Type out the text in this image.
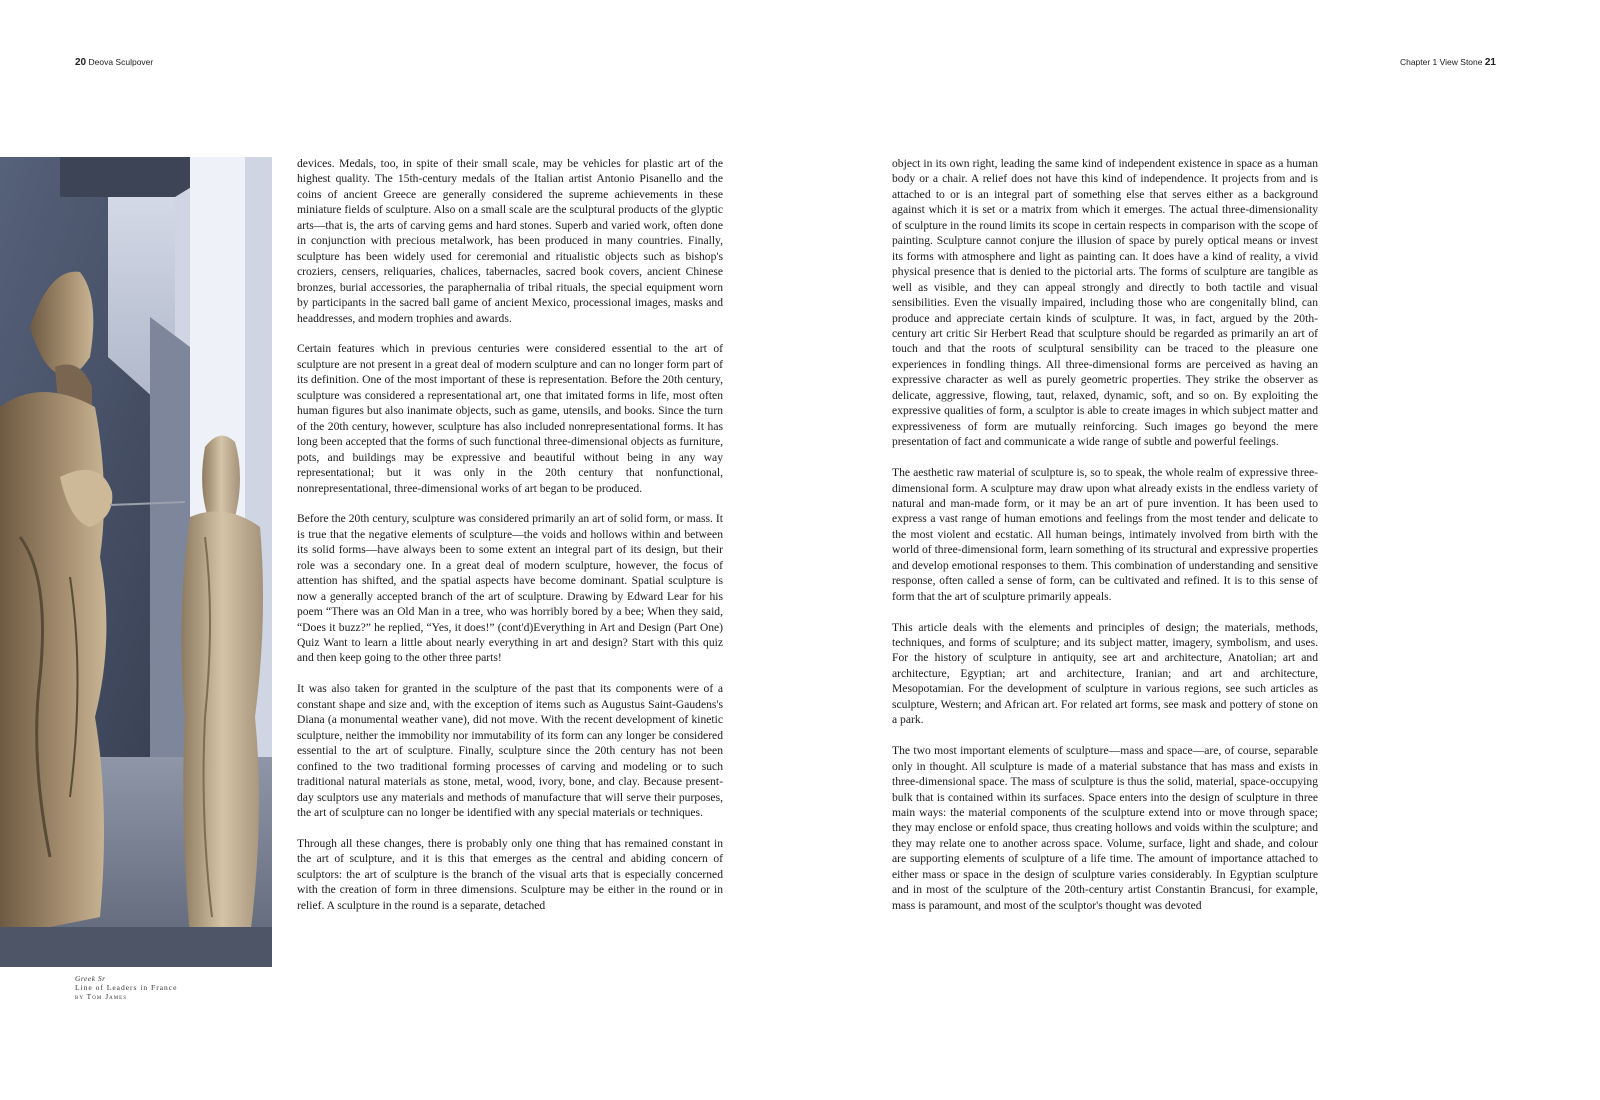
20 Deova Sculpover	Chapter 1 View Stone 21
Greek Sr
Line of Leaders in France
by Tom James

devices. Medals, too, in spite of their small scale, may be vehicles for plastic art of the highest quality. The 15th-century medals of the Italian artist Antonio Pisanello and the coins of ancient Greece are generally considered the supreme achievements in these miniature fields of sculpture. Also on a small scale are the sculptural products of the glyptic arts—that is, the arts of carving gems and hard stones. Superb and varied work, often done in conjunction with precious metalwork, has been produced in many countries. Finally, sculpture has been widely used for ceremonial and ritualistic objects such as bishop's croziers, censers, reliquaries, chalices, tabernacles, sacred book covers, ancient Chinese bronzes, burial accessories, the paraphernalia of tribal rituals, the special equipment worn by participants in the sacred ball game of ancient Mexico, processional images, masks and headdresses, and modern trophies and awards.

Certain features which in previous centuries were considered essential to the art of sculpture are not present in a great deal of modern sculpture and can no longer form part of its definition. One of the most important of these is representation. Before the 20th century, sculpture was considered a representational art, one that imitated forms in life, most often human figures but also inanimate objects, such as game, utensils, and books. Since the turn of the 20th century, however, sculpture has also included nonrepresentational forms. It has long been accepted that the forms of such functional three-dimensional objects as furniture, pots, and buildings may be expressive and beautiful without being in any way representational; but it was only in the 20th century that nonfunctional, nonrepresentational, three-dimensional works of art began to be produced.

Before the 20th century, sculpture was considered primarily an art of solid form, or mass. It is true that the negative elements of sculpture—the voids and hollows within and between its solid forms—have always been to some extent an integral part of its design, but their role was a secondary one. In a great deal of modern sculpture, however, the focus of attention has shifted, and the spatial aspects have become dominant. Spatial sculpture is now a generally accepted branch of the art of sculpture. Drawing by Edward Lear for his poem “There was an Old Man in a tree, who was horribly bored by a bee; When they said, “Does it buzz?” he replied, “Yes, it does!” (cont'd)Everything in Art and Design (Part One) Quiz Want to learn a little about nearly everything in art and design? Start with this quiz and then keep going to the other three parts!

It was also taken for granted in the sculpture of the past that its components were of a constant shape and size and, with the exception of items such as Augustus Saint-Gaudens's Diana (a monumental weather vane), did not move. With the recent development of kinetic sculpture, neither the immobility nor immutability of its form can any longer be considered essential to the art of sculpture. Finally, sculpture since the 20th century has not been confined to the two traditional forming processes of carving and modeling or to such traditional natural materials as stone, metal, wood, ivory, bone, and clay. Because present-day sculptors use any materials and methods of manufacture that will serve their purposes, the art of sculpture can no longer be identified with any special materials or techniques.

Through all these changes, there is probably only one thing that has remained constant in the art of sculpture, and it is this that emerges as the central and abiding concern of sculptors: the art of sculpture is the branch of the visual arts that is especially concerned with the creation of form in three dimensions. Sculpture may be either in the round or in relief. A sculpture in the round is a separate, detached

object in its own right, leading the same kind of independent existence in space as a human body or a chair. A relief does not have this kind of independence. It projects from and is attached to or is an integral part of something else that serves either as a background against which it is set or a matrix from which it emerges. The actual three-dimensionality of sculpture in the round limits its scope in certain respects in comparison with the scope of painting. Sculpture cannot conjure the illusion of space by purely optical means or invest its forms with atmosphere and light as painting can. It does have a kind of reality, a vivid physical presence that is denied to the pictorial arts. The forms of sculpture are tangible as well as visible, and they can appeal strongly and directly to both tactile and visual sensibilities. Even the visually impaired, including those who are congenitally blind, can produce and appreciate certain kinds of sculpture. It was, in fact, argued by the 20th-century art critic Sir Herbert Read that sculpture should be regarded as primarily an art of touch and that the roots of sculptural sensibility can be traced to the pleasure one experiences in fondling things. All three-dimensional forms are perceived as having an expressive character as well as purely geometric properties. They strike the observer as delicate, aggressive, flowing, taut, relaxed, dynamic, soft, and so on. By exploiting the expressive qualities of form, a sculptor is able to create images in which subject matter and expressiveness of form are mutually reinforcing. Such images go beyond the mere presentation of fact and communicate a wide range of subtle and powerful feelings.

The aesthetic raw material of sculpture is, so to speak, the whole realm of expressive three-dimensional form. A sculpture may draw upon what already exists in the endless variety of natural and man-made form, or it may be an art of pure invention. It has been used to express a vast range of human emotions and feelings from the most tender and delicate to the most violent and ecstatic. All human beings, intimately involved from birth with the world of three-dimensional form, learn something of its structural and expressive properties and develop emotional responses to them. This combination of understanding and sensitive response, often called a sense of form, can be cultivated and refined. It is to this sense of form that the art of sculpture primarily appeals.

This article deals with the elements and principles of design; the materials, methods, techniques, and forms of sculpture; and its subject matter, imagery, symbolism, and uses. For the history of sculpture in antiquity, see art and architecture, Anatolian; art and architecture, Egyptian; art and architecture, Iranian; and art and architecture, Mesopotamian. For the development of sculpture in various regions, see such articles as sculpture, Western; and African art. For related art forms, see mask and pottery of stone on a park.

The two most important elements of sculpture—mass and space—are, of course, separable only in thought. All sculpture is made of a material substance that has mass and exists in three-dimensional space. The mass of sculpture is thus the solid, material, space-occupying bulk that is contained within its surfaces. Space enters into the design of sculpture in three main ways: the material components of the sculpture extend into or move through space; they may enclose or enfold space, thus creating hollows and voids within the sculpture; and they may relate one to another across space. Volume, surface, light and shade, and colour are supporting elements of sculpture of a life time. The amount of importance attached to either mass or space in the design of sculpture varies considerably. In Egyptian sculpture and in most of the sculpture of the 20th-century artist Constantin Brancusi, for example, mass is paramount, and most of the sculptor's thought was devoted
